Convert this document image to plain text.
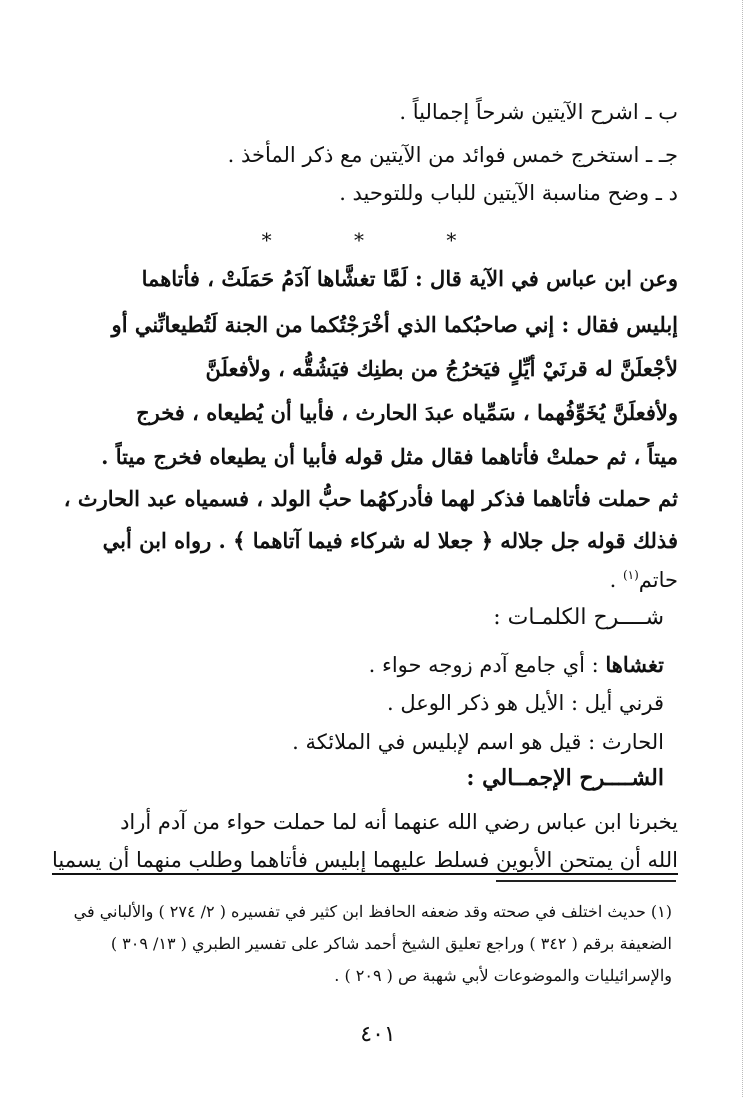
ب ـ اشرح الآيتين شرحاً إجمالياً .
جـ ـ استخرج خمس فوائد من الآيتين مع ذكر المأخذ .
د ـ وضح مناسبة الآيتين للباب وللتوحيد .
* * *
وعن ابن عباس في الآية قال : لَمَّا تغشَّاها آدَمُ حَمَلَتْ ، فأتاهما
إبليس فقال : إني صاحبُكما الذي أخْرَجْتُكما من الجنة لَتُطيعانِّني أو
لأجْعلَنَّ له قرنَيْ أيِّلٍ فيَخرُجُ من بطنِك فيَشُقُّه ، ولأفعلَنَّ
ولأفعلَنَّ يُخَوِّفُهما ، سَمِّياه عبدَ الحارث ، فأبيا أن يُطيعاه ، فخرج
ميتاً ، ثم حملتْ فأتاهما فقال مثل قوله فأبيا أن يطيعاه فخرج ميتاً .
ثم حملت فأتاهما فذكر لهما فأدركهُما حبُّ الولد ، فسمياه عبد الحارث ،
فذلك قوله جل جلاله ﴿ جعلا له شركاء فيما آتاهما ﴾ . رواه ابن أبي
حاتم$^{(١)}$ .
شــــرح الكلمـات :
تغشاها : أي جامع آدم زوجه حواء .
قرني أيل : الأيل هو ذكر الوعل .
الحارث : قيل هو اسم لإبليس في الملائكة .
الشــــرح الإجمــالي :
يخبرنا ابن عباس رضي الله عنهما أنه لما حملت حواء من آدم أراد
الله أن يمتحن الأبوين فسلط عليهما إبليس فأتاهما وطلب منهما أن يسميا
(١) حديث اختلف في صحته وقد ضعفه الحافظ ابن كثير في تفسيره ( ٢/ ٢٧٤ ) والألباني في
الضعيفة برقم ( ٣٤٢ ) وراجع تعليق الشيخ أحمد شاكر على تفسير الطبري ( ١٣/ ٣٠٩ )
والإسرائيليات والموضوعات لأبي شهبة ص ( ٢٠٩ ) .
٤٠١
